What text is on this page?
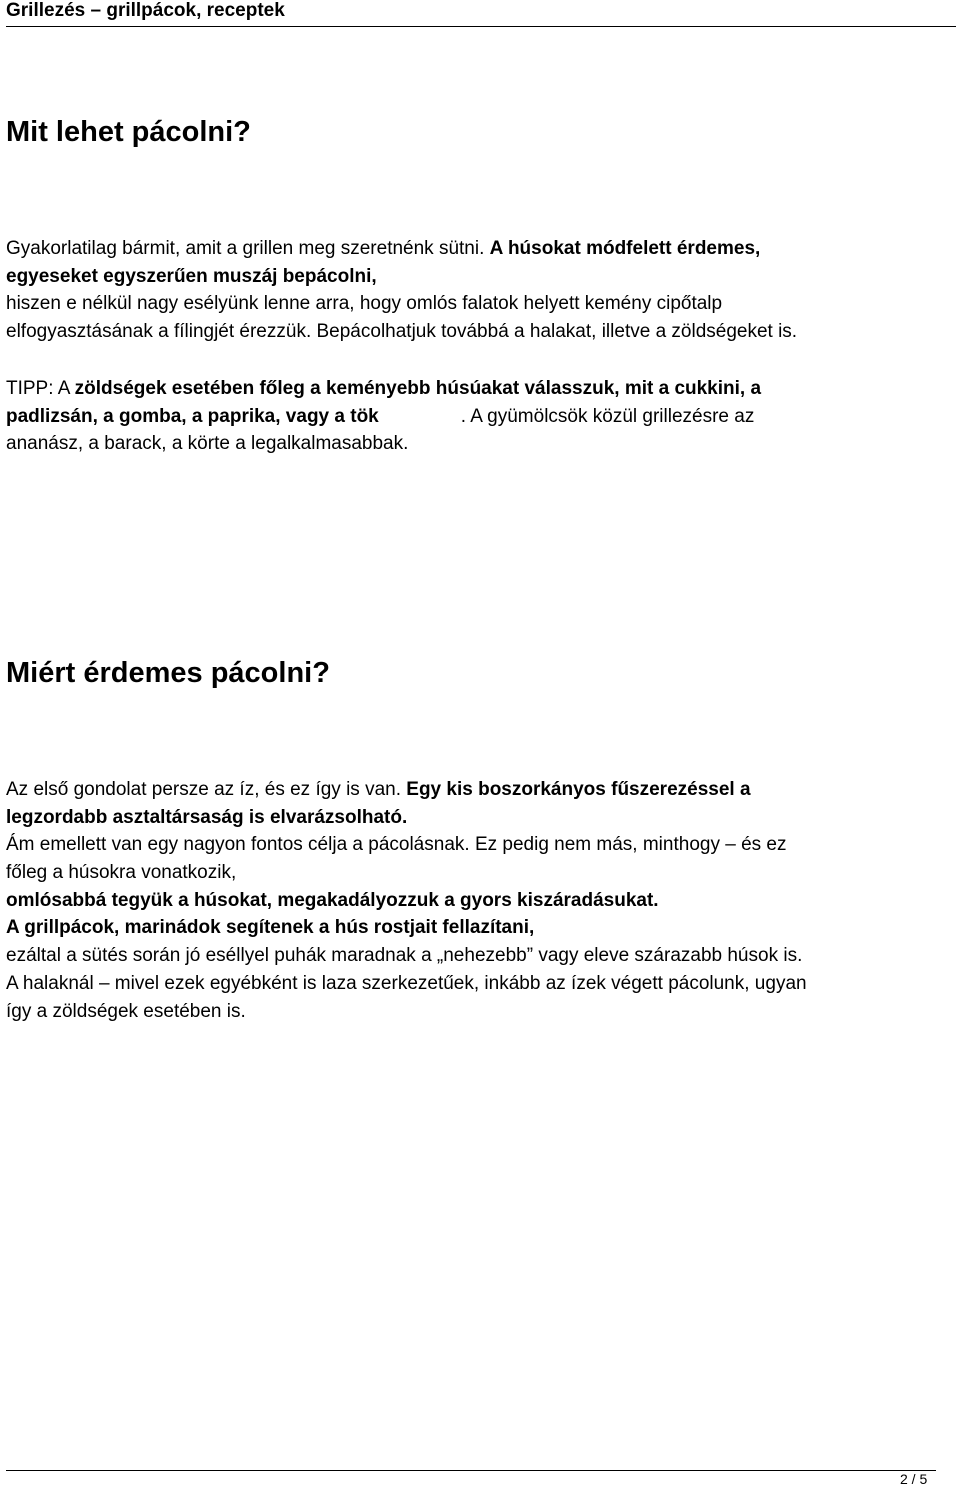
Grillezés – grillpácok, receptek
Mit lehet pácolni?

Gyakorlatilag bármit, amit a grillen meg szeretnénk sütni. A húsokat módfelett érdemes,
egyeseket egyszerűen muszáj bepácolni,
hiszen e nélkül nagy esélyünk lenne arra, hogy omlós falatok helyett kemény cipőtalp
elfogyasztásának a fílingjét érezzük. Bepácolhatjuk továbbá a halakat, illetve a zöldségeket is.

TIPP: A zöldségek esetében főleg a keményebb húsúakat válasszuk, mit a cukkini, a
padlizsán, a gomba, a paprika, vagy a tök	. A gyümölcsök közül grillezésre az
ananász, a barack, a körte a legalkalmasabbak.

Miért érdemes pácolni?

Az első gondolat persze az íz, és ez így is van. Egy kis boszorkányos fűszerezéssel a
legzordabb asztaltársaság is elvarázsolható.
Ám emellett van egy nagyon fontos célja a pácolásnak. Ez pedig nem más, minthogy – és ez
főleg a húsokra vonatkozik,
omlósabbá tegyük a húsokat, megakadályozzuk a gyors kiszáradásukat.
A grillpácok, marinádok segítenek a hús rostjait fellazítani,
ezáltal a sütés során jó eséllyel puhák maradnak a „nehezebb” vagy eleve szárazabb húsok is.
A halaknál – mivel ezek egyébként is laza szerkezetűek, inkább az ízek végett pácolunk, ugyan
így a zöldségek esetében is.

2 / 5
